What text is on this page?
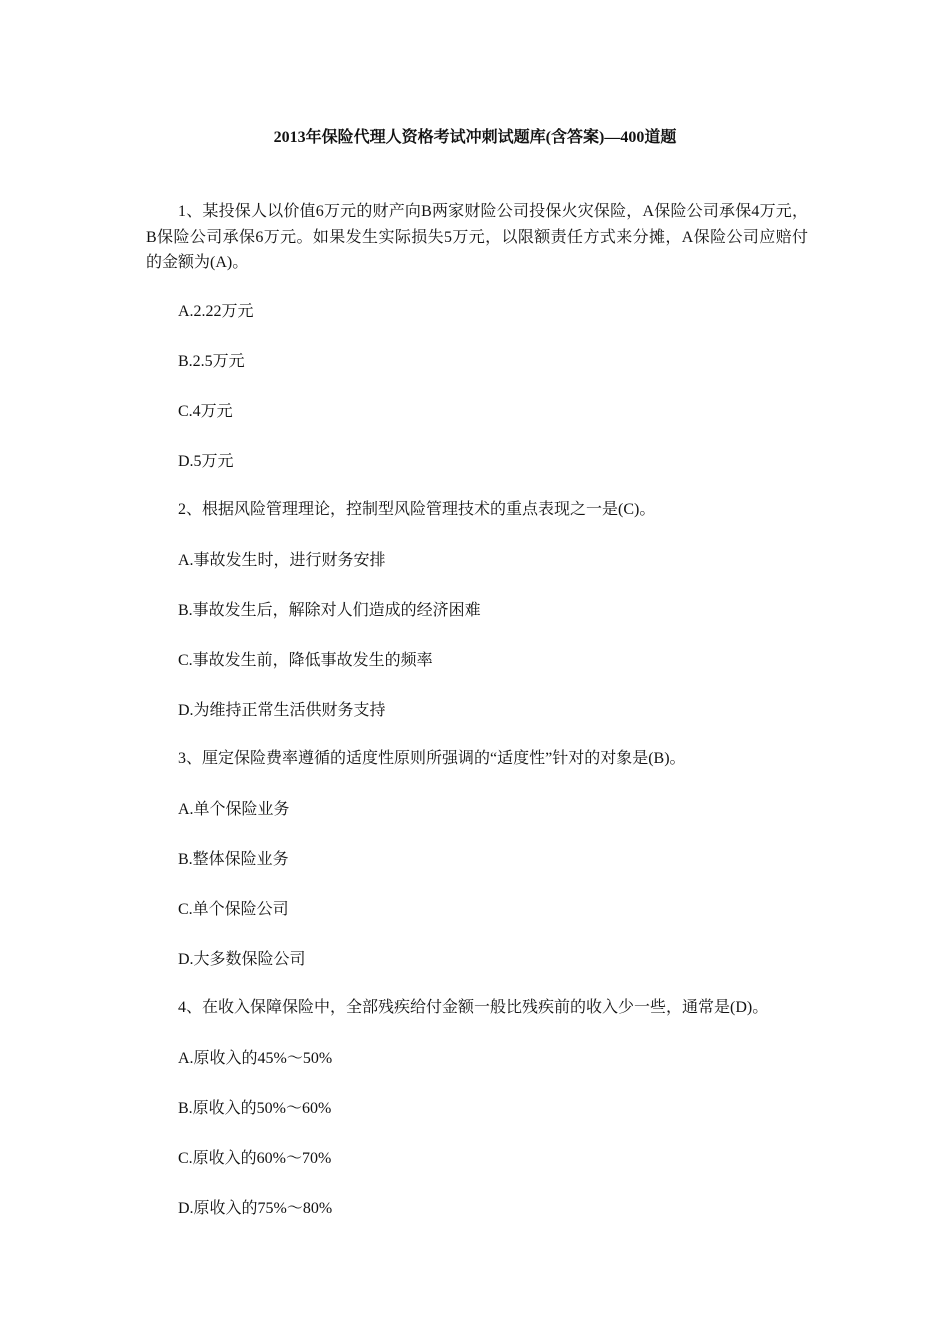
2013年保险代理人资格考试冲刺试题库(含答案)—400道题

1、某投保人以价值6万元的财产向B两家财险公司投保火灾保险，A保险公司承保4万元，B保险公司承保6万元。如果发生实际损失5万元，以限额责任方式来分摊，A保险公司应赔付的金额为(A)。

A.2.22万元

B.2.5万元

C.4万元

D.5万元

2、根据风险管理理论，控制型风险管理技术的重点表现之一是(C)。

A.事故发生时，进行财务安排

B.事故发生后，解除对人们造成的经济困难

C.事故发生前，降低事故发生的频率

D.为维持正常生活供财务支持

3、厘定保险费率遵循的适度性原则所强调的“适度性”针对的对象是(B)。

A.单个保险业务

B.整体保险业务

C.单个保险公司

D.大多数保险公司

4、在收入保障保险中，全部残疾给付金额一般比残疾前的收入少一些，通常是(D)。

A.原收入的45%～50%

B.原收入的50%～60%

C.原收入的60%～70%

D.原收入的75%～80%
